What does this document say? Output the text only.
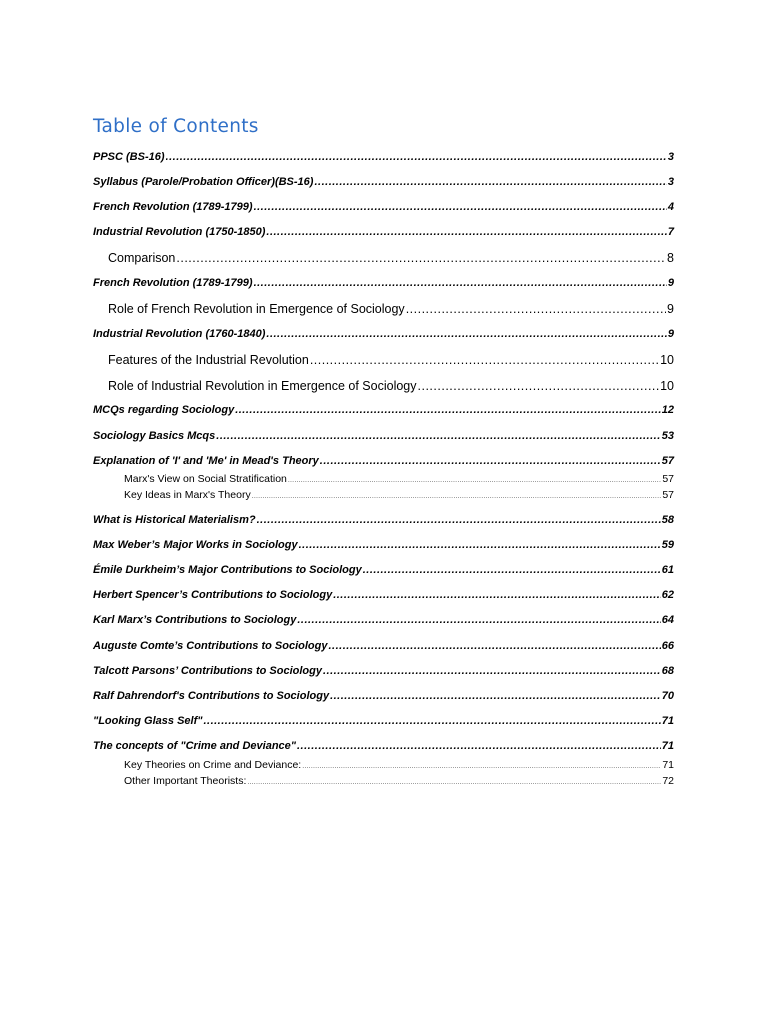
Table of Contents
PPSC (BS-16) .....	3
Syllabus (Parole/Probation Officer)(BS-16) .....	3
French Revolution (1789-1799) .....	4
Industrial Revolution (1750-1850) .....	7
Comparison .....	8
French Revolution (1789-1799) .....	9
Role of French Revolution in Emergence of Sociology .....	9
Industrial Revolution (1760-1840) .....	9
Features of the Industrial Revolution .....	10
Role of Industrial Revolution in Emergence of Sociology .....	10
MCQs regarding Sociology .....	12
Sociology Basics Mcqs .....	53
Explanation of 'I' and 'Me' in Mead's Theory .....	57
Marx's View on Social Stratification .....	57
Key Ideas in Marx's Theory .....	57
What is Historical Materialism? .....	58
Max Weber’s Major Works in Sociology .....	59
Émile Durkheim’s Major Contributions to Sociology .....	61
Herbert Spencer’s Contributions to Sociology .....	62
Karl Marx’s Contributions to Sociology .....	64
Auguste Comte’s Contributions to Sociology .....	66
Talcott Parsons’ Contributions to Sociology .....	68
Ralf Dahrendorf's Contributions to Sociology .....	70
"Looking Glass Self" .....	71
The concepts of "Crime and Deviance" .....	71
Key Theories on Crime and Deviance: .....	71
Other Important Theorists: .....	72
